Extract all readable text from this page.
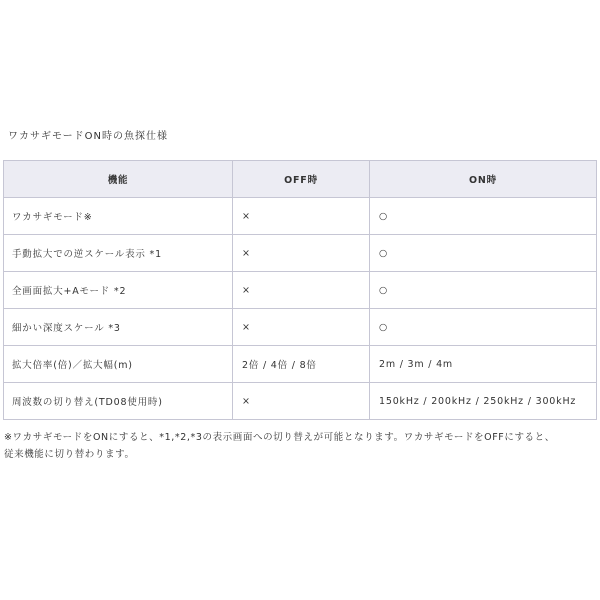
ワカサギモードON時の魚探仕様
機能	OFF時	ON時
ワカサギモード※	×	○
手動拡大での逆スケール表示 *1	×	○
全画面拡大+Aモード *2	×	○
細かい深度スケール *3	×	○
拡大倍率(倍)／拡大幅(m)	2倍 / 4倍 / 8倍	2m / 3m / 4m
周波数の切り替え(TD08使用時)	×	150kHz / 200kHz / 250kHz / 300kHz

※ワカサギモードをONにすると、*1,*2,*3の表示画面への切り替えが可能となります。ワカサギモードをOFFにすると、

従来機能に切り替わります。
